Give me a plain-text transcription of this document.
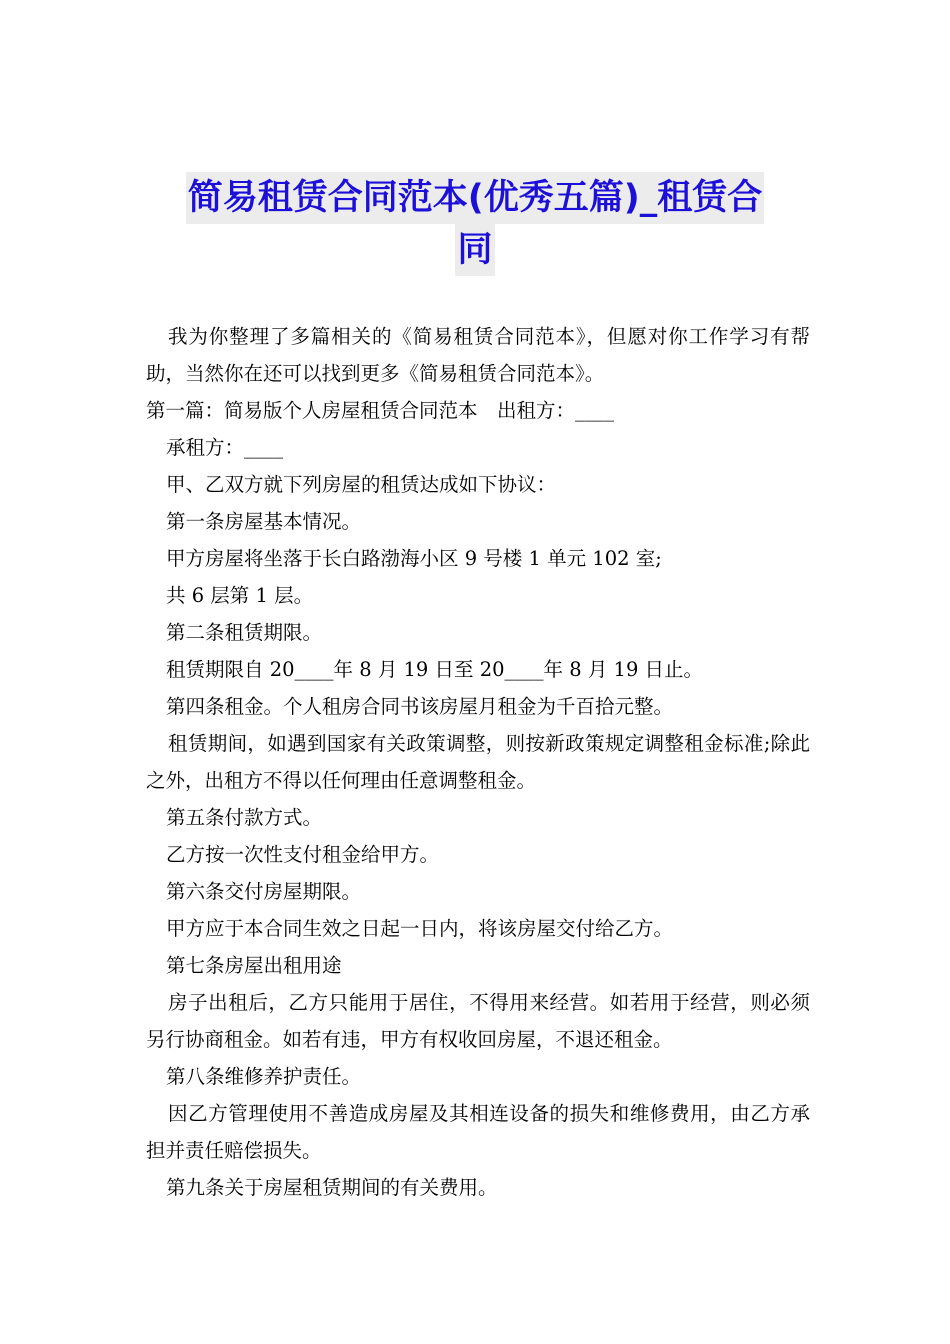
简易租赁合同范本(优秀五篇)_租赁合
同

我为你整理了多篇相关的《简易租赁合同范本》，但愿对你工作学习有帮助，当然你在还可以找到更多《简易租赁合同范本》。

第一篇：简易版个人房屋租赁合同范本　出租方：____

承租方：____

甲、乙双方就下列房屋的租赁达成如下协议：

第一条房屋基本情况。

甲方房屋将坐落于长白路渤海小区 9 号楼 1 单元 102 室;

共 6 层第 1 层。

第二条租赁期限。

租赁期限自 20____年 8 月 19 日至 20____年 8 月 19 日止。

第四条租金。个人租房合同书该房屋月租金为千百拾元整。

租赁期间，如遇到国家有关政策调整，则按新政策规定调整租金标准;除此之外，出租方不得以任何理由任意调整租金。

第五条付款方式。

乙方按一次性支付租金给甲方。

第六条交付房屋期限。

甲方应于本合同生效之日起一日内，将该房屋交付给乙方。

第七条房屋出租用途

房子出租后，乙方只能用于居住，不得用来经营。如若用于经营，则必须另行协商租金。如若有违，甲方有权收回房屋，不退还租金。

第八条维修养护责任。

因乙方管理使用不善造成房屋及其相连设备的损失和维修费用，由乙方承担并责任赔偿损失。

第九条关于房屋租赁期间的有关费用。
